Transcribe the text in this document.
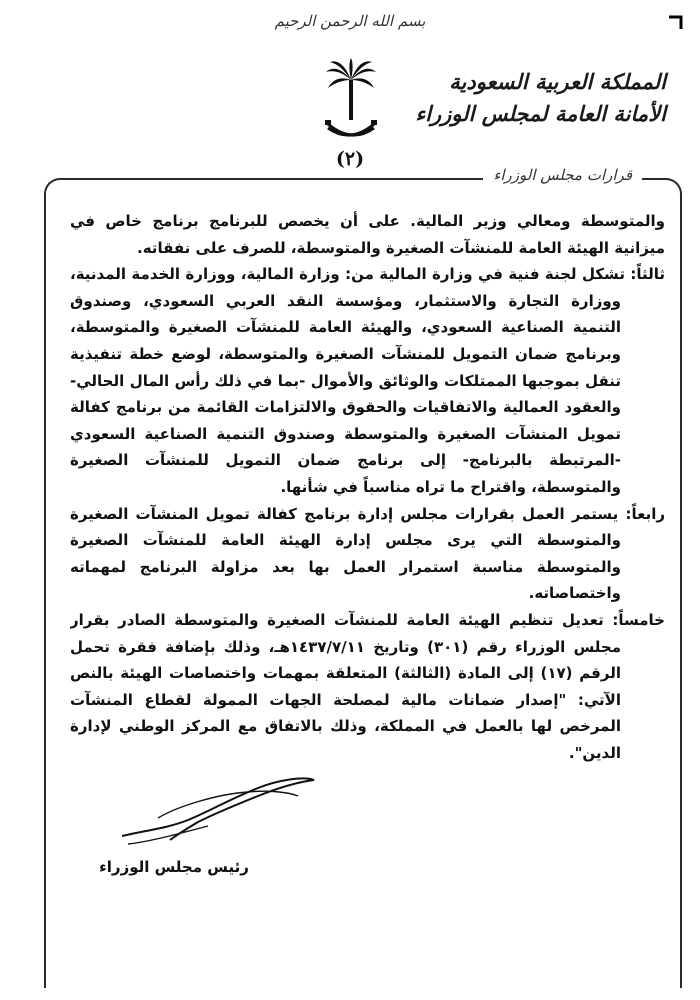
بسم الله الرحمن الرحيم
(٢)
المملكة العربية السعودية
الأمانة العامة لمجلس الوزراء
قرارات مجلس الوزراء

والمتوسطة ومعالي وزير المالية. على أن يخصص للبرنامج برنامج خاص في ميزانية الهيئة العامة للمنشآت الصغيرة والمتوسطة، للصرف على نفقاته.

ثالثاً: تشكل لجنة فنية في وزارة المالية من: وزارة المالية، ووزارة الخدمة المدنية، ووزارة التجارة والاستثمار، ومؤسسة النقد العربي السعودي، وصندوق التنمية الصناعية السعودي، والهيئة العامة للمنشآت الصغيرة والمتوسطة، وبرنامج ضمان التمويل للمنشآت الصغيرة والمتوسطة، لوضع خطة تنفيذية تنقل بموجبها الممتلكات والوثائق والأموال -بما في ذلك رأس المال الحالي- والعقود العمالية والاتفاقيات والحقوق والالتزامات القائمة من برنامج كفالة تمويل المنشآت الصغيرة والمتوسطة وصندوق التنمية الصناعية السعودي -المرتبطة بالبرنامج- إلى برنامج ضمان التمويل للمنشآت الصغيرة والمتوسطة، واقتراح ما تراه مناسباً في شأنها.

رابعاً: يستمر العمل بقرارات مجلس إدارة برنامج كفالة تمويل المنشآت الصغيرة والمتوسطة التي يرى مجلس إدارة الهيئة العامة للمنشآت الصغيرة والمتوسطة مناسبة استمرار العمل بها بعد مزاولة البرنامج لمهماته واختصاصاته.

خامساً: تعديل تنظيم الهيئة العامة للمنشآت الصغيرة والمتوسطة الصادر بقرار مجلس الوزراء رقم (٣٠١) وتاريخ ١٤٣٧/٧/١١هـ، وذلك بإضافة فقرة تحمل الرقم (١٧) إلى المادة (الثالثة) المتعلقة بمهمات واختصاصات الهيئة بالنص الآتي: "إصدار ضمانات مالية لمصلحة الجهات الممولة لقطاع المنشآت المرخص لها بالعمل في المملكة، وذلك بالاتفاق مع المركز الوطني لإدارة الدين".

رئيس مجلس الوزراء
